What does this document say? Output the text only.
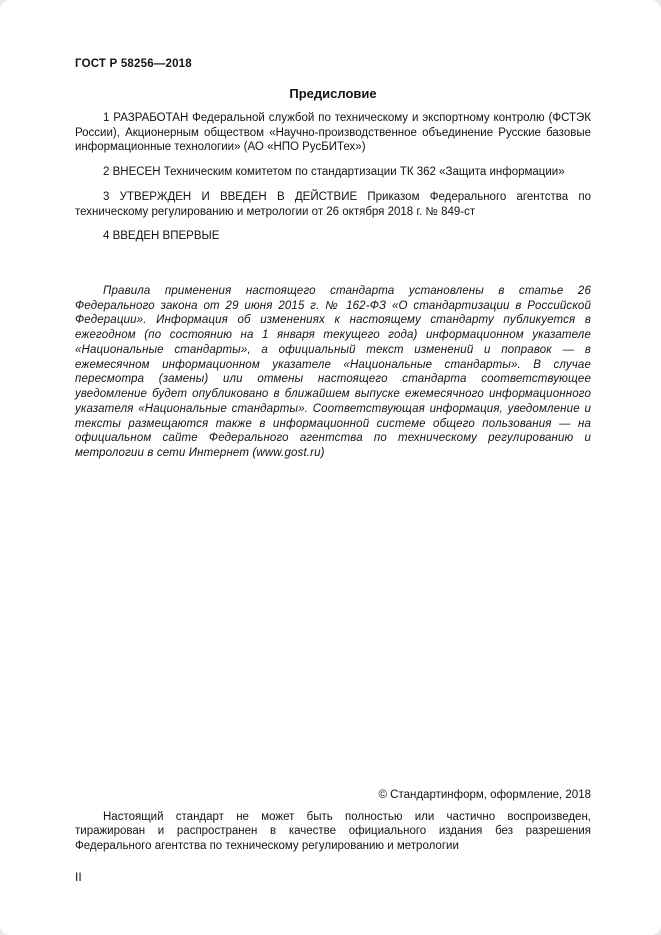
ГОСТ Р 58256—2018
Предисловие

1 РАЗРАБОТАН Федеральной службой по техническому и экспортному контролю (ФСТЭК России), Акционерным обществом «Научно-производственное объединение Русские базовые информационные технологии» (АО «НПО РусБИТех»)

2 ВНЕСЕН Техническим комитетом по стандартизации ТК 362 «Защита информации»

3 УТВЕРЖДЕН И ВВЕДЕН В ДЕЙСТВИЕ Приказом Федерального агентства по техническому регулированию и метрологии от 26 октября 2018 г. № 849-ст

4 ВВЕДЕН ВПЕРВЫЕ

Правила применения настоящего стандарта установлены в статье 26 Федерального закона от 29 июня 2015 г. № 162-ФЗ «О стандартизации в Российской Федерации». Информация об изменениях к настоящему стандарту публикуется в ежегодном (по состоянию на 1 января текущего года) информационном указателе «Национальные стандарты», а официальный текст изменений и поправок — в ежемесячном информационном указателе «Национальные стандарты». В случае пересмотра (замены) или отмены настоящего стандарта соответствующее уведомление будет опубликовано в ближайшем выпуске ежемесячного информационного указателя «Национальные стандарты». Соответствующая информация, уведомление и тексты размещаются также в информационной системе общего пользования — на официальном сайте Федерального агентства по техническому регулированию и метрологии в сети Интернет (www.gost.ru)

© Стандартинформ, оформление, 2018

Настоящий стандарт не может быть полностью или частично воспроизведен, тиражирован и распространен в качестве официального издания без разрешения Федерального агентства по техническому регулированию и метрологии

II
